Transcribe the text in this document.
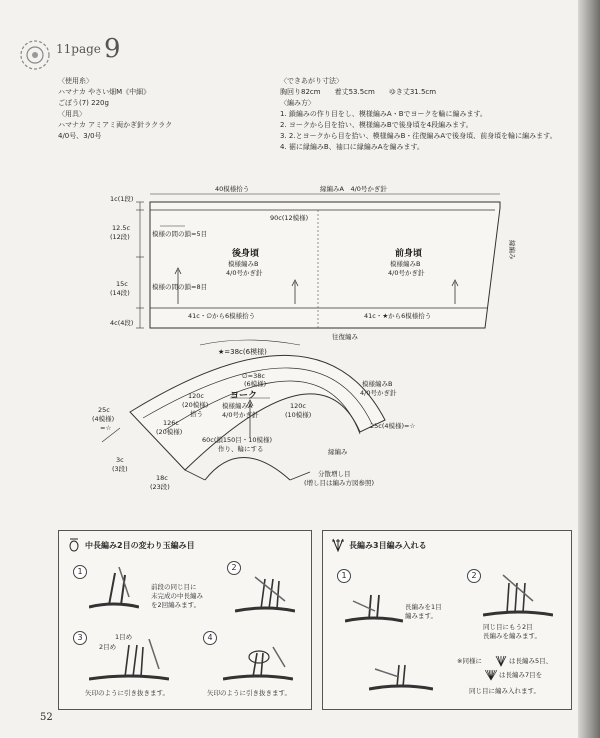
11page 9
〈使用糸〉
ハマナカ やさい畑M《中細》
ごぼう(7) 220g
〈用具〉
ハマナカ アミアミ両かぎ針ラクラク
4/0号、3/0号
〈できあがり寸法〉
胸回り82cm　　着丈53.5cm　　ゆき丈31.5cm
〈編み方〉
1. 鎖編みの作り目をし、模様編みA・Bでヨークを輪に編みます。
2. ヨークから目を拾い、模様編みBで後身頃を4段編みます。
3. 2.とヨークから目を拾い、模様編みB・往復編みAで後身頃、前身頃を輪に編みます。
4. 裾に縁編みB、袖口に縁編みAを編みます。
40模様拾う	縁編みA　4/0号かぎ針
90c(12模様)
1c(1段)
12.5c
(12段)
15c
(14段)
4c(4段)
模様の間の鎖=5目
模様の間の鎖=8目
後身頃
模様編みB
4/0号かぎ針
前身頃
模様編みB
4/0号かぎ針
縁編み
41c・∅から6模様拾う	41c・★から6模様拾う
往復編み
★=38c(6模様)
∅=38c
(6模様)
ヨーク
模様編みA
4/0号かぎ針
模様編みB
4/0号かぎ針
120c
(20模様)
拾う
126c
(20模様)
120c
(10模様)
25c
(4模様)
=☆	25c(4模様)=☆
3c
(3段)
18c
(23段)
60c(鎖150目・10模様)
作り、輪にする	縁編み
分散増し目
(増し目は編み方図参照)
中長編み2目の変わり玉編み目
1
前段の同じ目に
未完成の中長編み
を2回編みます。
2
3	1目め
2目め
矢印のように引き抜きます。
4
矢印のように引き抜きます。
長編み3目編み入れる
1
長編みを1目
編みます。
2
同じ目にもう2目
長編みを編みます。
※同様に	は長編み5目、
は長編み7目を
同じ目に編み入れます。
52
